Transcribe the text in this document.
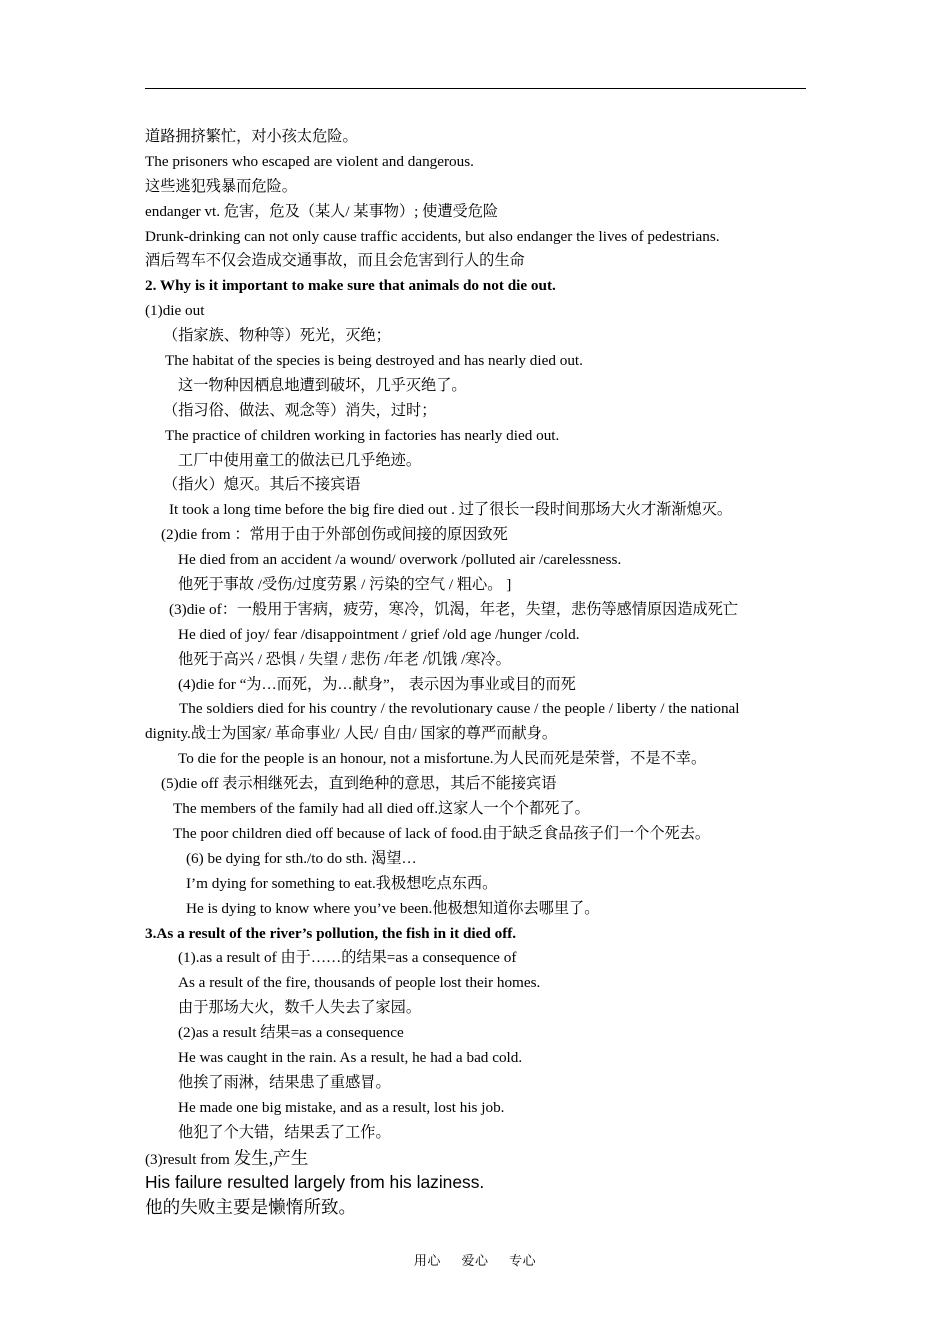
道路拥挤繁忙，对小孩太危险。
The prisoners who escaped are violent and dangerous.
这些逃犯残暴而危险。
endanger vt. 危害，危及（某人/ 某事物）; 使遭受危险
Drunk-drinking can not only cause traffic accidents, but also endanger the lives of pedestrians.
酒后驾车不仅会造成交通事故，而且会危害到行人的生命
2. Why is it important to make sure that animals do not die out.
(1)die out
（指家族、物种等）死光，灭绝；
The habitat of the species is being destroyed and has nearly died out.
这一物种因栖息地遭到破坏，几乎灭绝了。
（指习俗、做法、观念等）消失，过时；
The practice of children working in factories has nearly died out.
工厂中使用童工的做法已几乎绝迹。
（指火）熄灭。其后不接宾语
It took a long time before the big fire died out . 过了很长一段时间那场大火才渐渐熄灭。
(2)die from ：常用于由于外部创伤或间接的原因致死
He died from an accident /a wound/ overwork /polluted air /carelessness.
他死于事故 /受伤/过度劳累 / 污染的空气 / 粗心。 ]
(3)die of：一般用于害病，疲劳，寒冷，饥渴，年老，失望，悲伤等感情原因造成死亡
He died of joy/ fear /disappointment / grief /old age /hunger /cold.
他死于高兴 / 恐惧 / 失望 / 悲伤 /年老 /饥饿 /寒冷。
(4)die for “为…而死，为…献身”， 表示因为事业或目的而死
The soldiers died for his country / the revolutionary cause / the people / liberty / the national
dignity.战士为国家/ 革命事业/ 人民/ 自由/ 国家的尊严而献身。
To die for the people is an honour, not a misfortune.为人民而死是荣誉，不是不幸。
(5)die off 表示相继死去，直到绝种的意思，其后不能接宾语
The members of the family had all died off.这家人一个个都死了。
The poor children died off because of lack of food.由于缺乏食品孩子们一个个死去。
(6) be dying for sth./to do sth. 渴望…
I’m dying for something to eat.我极想吃点东西。
He is dying to know where you’ve been.他极想知道你去哪里了。
3.As a result of the river’s pollution, the fish in it died off.
(1).as a result of 由于……的结果=as a consequence of
As a result of the fire, thousands of people lost their homes.
由于那场大火，数千人失去了家园。
(2)as a result 结果=as a consequence
He was caught in the rain. As a result, he had a bad cold.
他挨了雨淋，结果患了重感冒。
He made one big mistake, and as a result, lost his job.
他犯了个大错，结果丢了工作。
(3)result from 发生,产生
His failure resulted largely from his laziness.
他的失败主要是懒惰所致。
用心 爱心 专心
